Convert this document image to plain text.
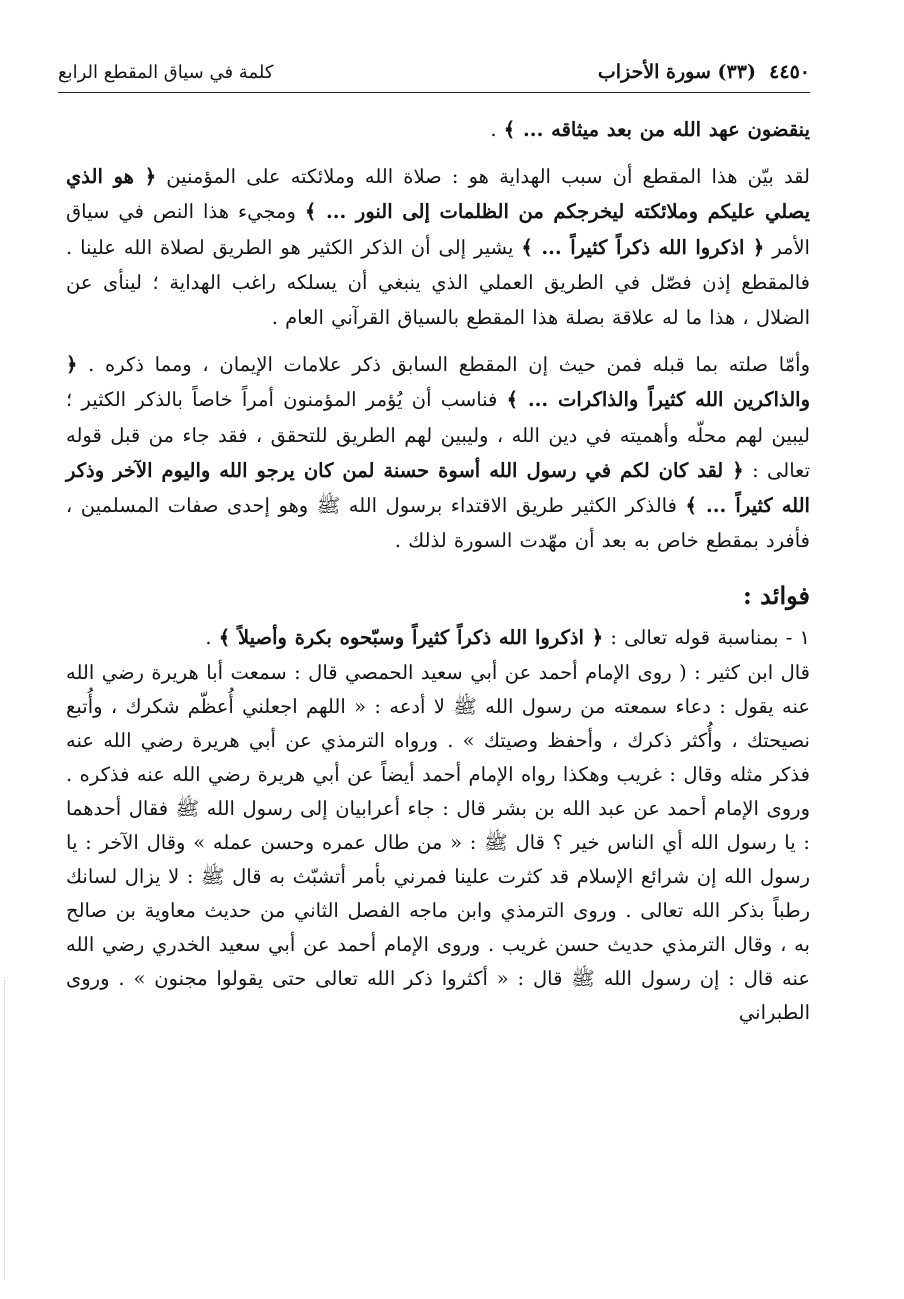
٤٤٥٠  (٣٣) سورة الأحزاب
كلمة في سياق المقطع الرابع

ينقضون عهد الله من بعد ميثاقه ... ﴾ .

لقد بيّن هذا المقطع أن سبب الهداية هو : صلاة الله وملائكته على المؤمنين ﴿ هو الذي يصلي عليكم وملائكته ليخرجكم من الظلمات إلى النور ... ﴾ ومجيء هذا النص في سياق الأمر ﴿ اذكروا الله ذكراً كثيراً ... ﴾ يشير إلى أن الذكر الكثير هو الطريق لصلاة الله علينا . فالمقطع إذن فصّل في الطريق العملي الذي ينبغي أن يسلكه راغب الهداية ؛ لينأى عن الضلال ، هذا ما له علاقة بصلة هذا المقطع بالسياق القرآني العام .

وأمّا صلته بما قبله فمن حيث إن المقطع السابق ذكر علامات الإيمان ، ومما ذكره . ﴿ والذاكرين الله كثيراً والذاكرات ... ﴾ فناسب أن يُؤمر المؤمنون أمراً خاصاً بالذكر الكثير ؛ ليبين لهم محلّه وأهميته في دين الله ، وليبين لهم الطريق للتحقق ، فقد جاء من قبل قوله تعالى : ﴿ لقد كان لكم في رسول الله أسوة حسنة لمن كان يرجو الله واليوم الآخر وذكر الله كثيراً ... ﴾ فالذكر الكثير طريق الاقتداء برسول الله ﷺ وهو إحدى صفات المسلمين ، فأفرد بمقطع خاص به بعد أن مهّدت السورة لذلك .

فوائد :

١ - بمناسبة قوله تعالى : ﴿ اذكروا الله ذكراً كثيراً وسبّحوه بكرة وأصيلاً ﴾ .

قال ابن كثير : ( روى الإمام أحمد عن أبي سعيد الحمصي قال : سمعت أبا هريرة رضي الله عنه يقول : دعاء سمعته من رسول الله ﷺ لا أدعه : « اللهم اجعلني أُعظّم شكرك ، وأُتبع نصيحتك ، وأُكثر ذكرك ، وأحفظ وصيتك » . ورواه الترمذي عن أبي هريرة رضي الله عنه فذكر مثله وقال : غريب وهكذا رواه الإمام أحمد أيضاً عن أبي هريرة رضي الله عنه فذكره . وروى الإمام أحمد عن عبد الله بن بشر قال : جاء أعرابيان إلى رسول الله ﷺ فقال أحدهما : يا رسول الله أي الناس خير ؟ قال ﷺ : « من طال عمره وحسن عمله » وقال الآخر : يا رسول الله إن شرائع الإسلام قد كثرت علينا فمرني بأمر أتشبّث به قال ﷺ : لا يزال لسانك رطباً بذكر الله تعالى . وروى الترمذي وابن ماجه الفصل الثاني من حديث معاوية بن صالح به ، وقال الترمذي حديث حسن غريب . وروى الإمام أحمد عن أبي سعيد الخدري رضي الله عنه قال : إن رسول الله ﷺ قال : « أكثروا ذكر الله تعالى حتى يقولوا مجنون » . وروى الطبراني
